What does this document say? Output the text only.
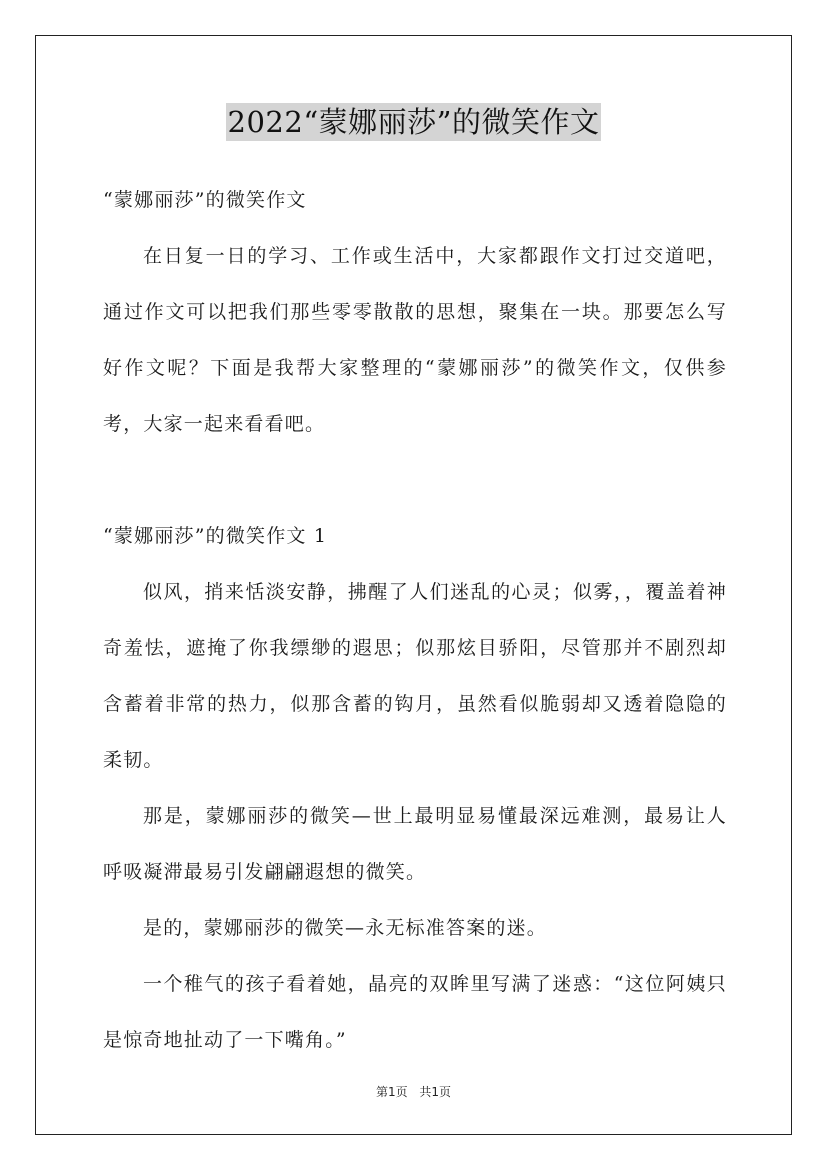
2022“蒙娜丽莎”的微笑作文

“蒙娜丽莎”的微笑作文

在日复一日的学习、工作或生活中，大家都跟作文打过交道吧，通过作文可以把我们那些零零散散的思想，聚集在一块。那要怎么写好作文呢？下面是我帮大家整理的“蒙娜丽莎”的微笑作文，仅供参考，大家一起来看看吧。

“蒙娜丽莎”的微笑作文 1

似风，捎来恬淡安静，拂醒了人们迷乱的心灵；似雾，，覆盖着神奇羞怯，遮掩了你我缥缈的遐思；似那炫目骄阳，尽管那并不剧烈却含蓄着非常的热力，似那含蓄的钩月，虽然看似脆弱却又透着隐隐的柔韧。

那是，蒙娜丽莎的微笑—世上最明显易懂最深远难测，最易让人呼吸凝滞最易引发翩翩遐想的微笑。

是的，蒙娜丽莎的微笑—永无标准答案的迷。

一个稚气的孩子看着她，晶亮的双眸里写满了迷惑：“这位阿姨只是惊奇地扯动了一下嘴角。”

第1页 共1页
